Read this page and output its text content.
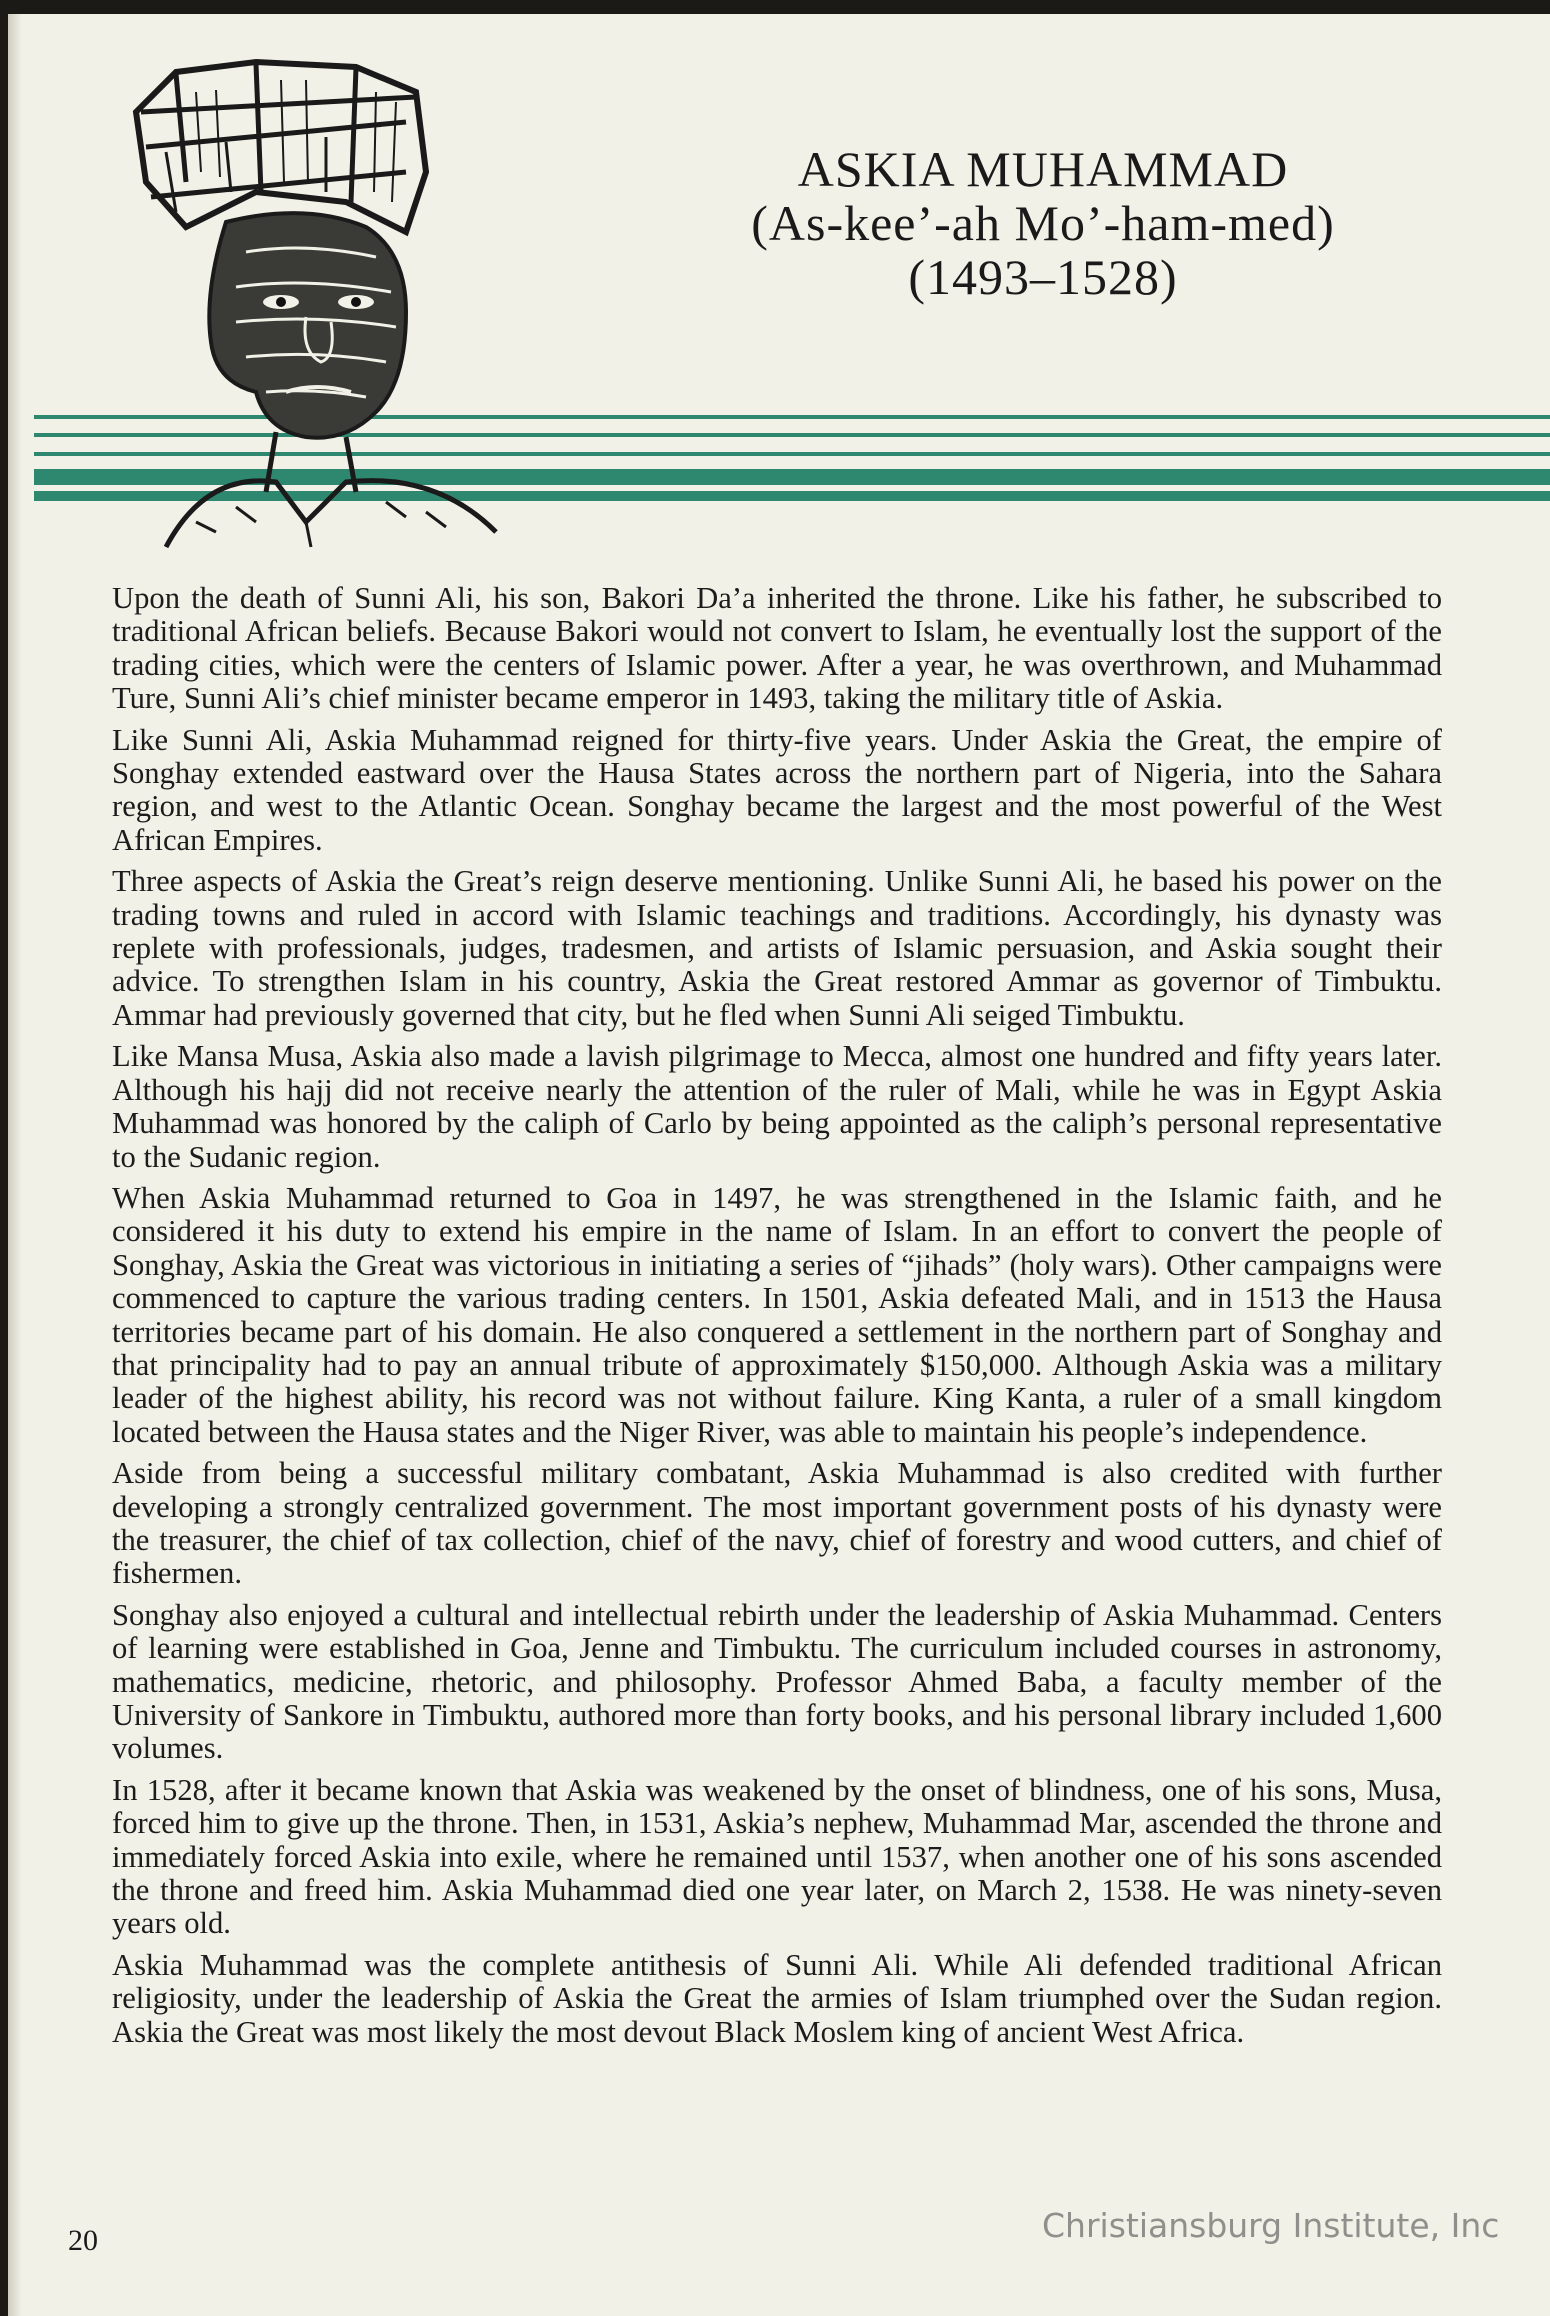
ASKIA MUHAMMAD
(As-kee’-ah Mo’-ham-med)
(1493–1528)

Upon the death of Sunni Ali, his son, Bakori Da’a inherited the throne. Like his father, he subscribed to traditional African beliefs. Because Bakori would not convert to Islam, he eventually lost the support of the trading cities, which were the centers of Islamic power. After a year, he was overthrown, and Muhammad Ture, Sunni Ali’s chief minister became emperor in 1493, taking the military title of Askia.

Like Sunni Ali, Askia Muhammad reigned for thirty-five years. Under Askia the Great, the empire of Songhay extended eastward over the Hausa States across the northern part of Nigeria, into the Sahara region, and west to the Atlantic Ocean. Songhay became the largest and the most powerful of the West African Empires.

Three aspects of Askia the Great’s reign deserve mentioning. Unlike Sunni Ali, he based his power on the trading towns and ruled in accord with Islamic teachings and traditions. Accordingly, his dynasty was replete with professionals, judges, tradesmen, and artists of Islamic persuasion, and Askia sought their advice. To strengthen Islam in his country, Askia the Great restored Ammar as governor of Timbuktu. Ammar had previously governed that city, but he fled when Sunni Ali seiged Timbuktu.

Like Mansa Musa, Askia also made a lavish pilgrimage to Mecca, almost one hundred and fifty years later. Although his hajj did not receive nearly the attention of the ruler of Mali, while he was in Egypt Askia Muhammad was honored by the caliph of Carlo by being appointed as the caliph’s personal representative to the Sudanic region.

When Askia Muhammad returned to Goa in 1497, he was strengthened in the Islamic faith, and he considered it his duty to extend his empire in the name of Islam. In an effort to convert the people of Songhay, Askia the Great was victorious in initiating a series of “jihads” (holy wars). Other campaigns were commenced to capture the various trading centers. In 1501, Askia defeated Mali, and in 1513 the Hausa territories became part of his domain. He also conquered a settlement in the northern part of Songhay and that principality had to pay an annual tribute of approximately $150,000. Although Askia was a military leader of the highest ability, his record was not without failure. King Kanta, a ruler of a small kingdom located between the Hausa states and the Niger River, was able to maintain his people’s independence.

Aside from being a successful military combatant, Askia Muhammad is also credited with further developing a strongly centralized government. The most important government posts of his dynasty were the treasurer, the chief of tax collection, chief of the navy, chief of forestry and wood cutters, and chief of fishermen.

Songhay also enjoyed a cultural and intellectual rebirth under the leadership of Askia Muhammad. Centers of learning were established in Goa, Jenne and Timbuktu. The curriculum included courses in astronomy, mathematics, medicine, rhetoric, and philosophy. Professor Ahmed Baba, a faculty member of the University of Sankore in Timbuktu, authored more than forty books, and his personal library included 1,600 volumes.

In 1528, after it became known that Askia was weakened by the onset of blindness, one of his sons, Musa, forced him to give up the throne. Then, in 1531, Askia’s nephew, Muhammad Mar, ascended the throne and immediately forced Askia into exile, where he remained until 1537, when another one of his sons ascended the throne and freed him. Askia Muhammad died one year later, on March 2, 1538. He was ninety-seven years old.

Askia Muhammad was the complete antithesis of Sunni Ali. While Ali defended traditional African religiosity, under the leadership of Askia the Great the armies of Islam triumphed over the Sudan region. Askia the Great was most likely the most devout Black Moslem king of ancient West Africa.

20	Christiansburg Institute, Inc
